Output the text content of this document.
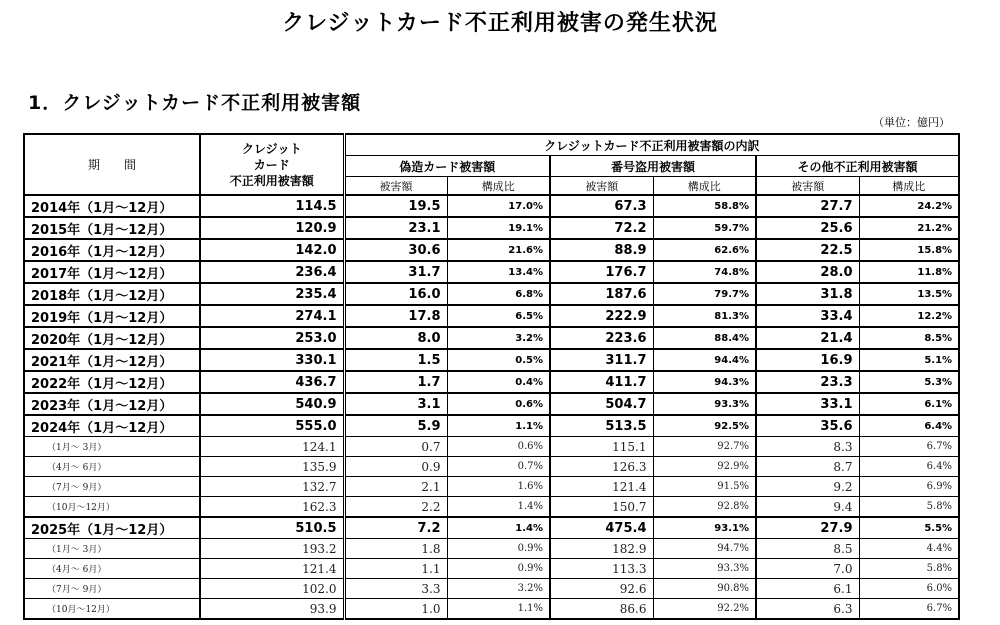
クレジットカード不正利用被害の発生状況
1．クレジットカード不正利用被害額
（単位：億円）
期　　間	クレジット
カード
不正利用被害額	クレジットカード不正利用被害額の内訳					
		偽造カード被害額		番号盗用被害額		その他不正利用被害額	
		被害額	構成比	被害額	構成比	被害額	構成比
2014年（1月～12月）	114.5	19.5	17.0%	67.3	58.8%	27.7	24.2%
2015年（1月～12月）	120.9	23.1	19.1%	72.2	59.7%	25.6	21.2%
2016年（1月～12月）	142.0	30.6	21.6%	88.9	62.6%	22.5	15.8%
2017年（1月～12月）	236.4	31.7	13.4%	176.7	74.8%	28.0	11.8%
2018年（1月～12月）	235.4	16.0	6.8%	187.6	79.7%	31.8	13.5%
2019年（1月～12月）	274.1	17.8	6.5%	222.9	81.3%	33.4	12.2%
2020年（1月～12月）	253.0	8.0	3.2%	223.6	88.4%	21.4	8.5%
2021年（1月～12月）	330.1	1.5	0.5%	311.7	94.4%	16.9	5.1%
2022年（1月～12月）	436.7	1.7	0.4%	411.7	94.3%	23.3	5.3%
2023年（1月～12月）	540.9	3.1	0.6%	504.7	93.3%	33.1	6.1%
2024年（1月～12月）	555.0	5.9	1.1%	513.5	92.5%	35.6	6.4%
（1月～ 3月）	124.1	0.7	0.6%	115.1	92.7%	8.3	6.7%
（4月～ 6月）	135.9	0.9	0.7%	126.3	92.9%	8.7	6.4%
（7月～ 9月）	132.7	2.1	1.6%	121.4	91.5%	9.2	6.9%
（10月～12月）	162.3	2.2	1.4%	150.7	92.8%	9.4	5.8%
2025年（1月～12月）	510.5	7.2	1.4%	475.4	93.1%	27.9	5.5%
（1月～ 3月）	193.2	1.8	0.9%	182.9	94.7%	8.5	4.4%
（4月～ 6月）	121.4	1.1	0.9%	113.3	93.3%	7.0	5.8%
（7月～ 9月）	102.0	3.3	3.2%	92.6	90.8%	6.1	6.0%
（10月～12月）	93.9	1.0	1.1%	86.6	92.2%	6.3	6.7%
